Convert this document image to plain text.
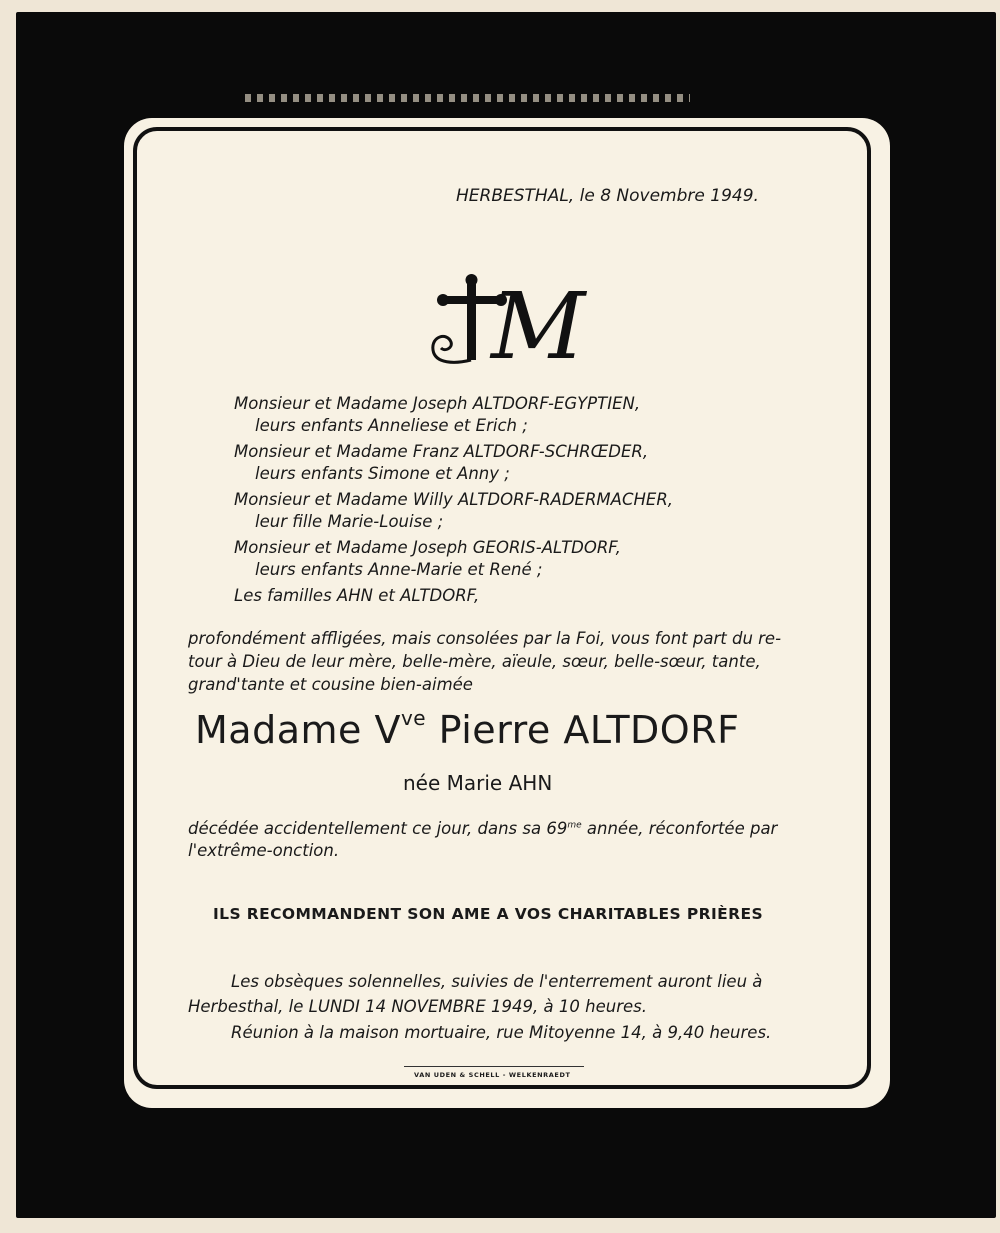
HERBESTHAL, le 8 Novembre 1949.
M
Monsieur et Madame Joseph ALTDORF-EGYPTIEN,
leurs enfants Anneliese et Erich ;
Monsieur et Madame Franz ALTDORF-SCHRŒDER,
leurs enfants Simone et Anny ;
Monsieur et Madame Willy ALTDORF-RADERMACHER,
leur fille Marie-Louise ;
Monsieur et Madame Joseph GEORIS-ALTDORF,
leurs enfants Anne-Marie et René ;
Les familles AHN et ALTDORF,
profondément affligées, mais consolées par la Foi, vous font part du re-
tour à Dieu de leur mère, belle-mère, aïeule, sœur, belle-sœur, tante,
grand'tante et cousine bien-aimée
Madame $V^{ve}$ Pierre ALTDORF
née Marie AHN
décédée accidentellement ce jour, dans sa $69^{me}$ année, réconfortée par
l'extrême-onction.
ILS RECOMMANDENT SON AME A VOS CHARITABLES PRIÈRES
Les obsèques solennelles, suivies de l'enterrement auront lieu à
Herbesthal, le LUNDI 14 NOVEMBRE 1949, à 10 heures.
Réunion à la maison mortuaire, rue Mitoyenne 14, à 9,40 heures.
VAN UDEN & SCHELL - WELKENRAEDT
